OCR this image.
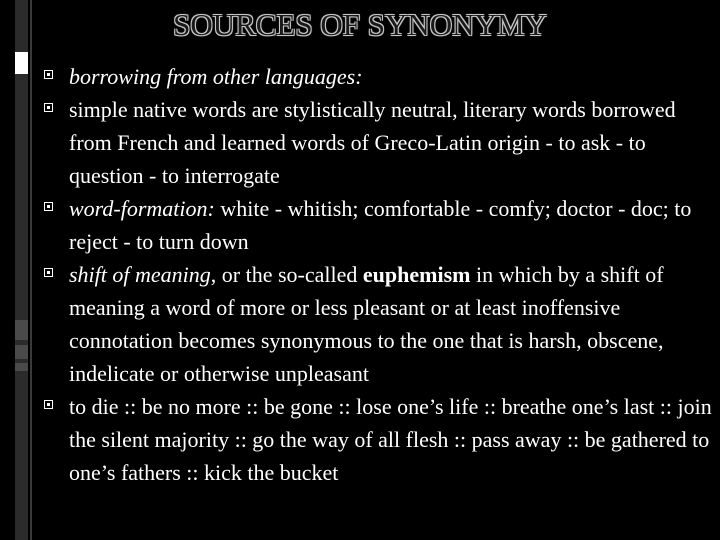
SOURCES OF SYNONYMY
borrowing from other languages:
simple native words are stylistically neutral, literary words borrowed from French and learned words of Greco-Latin origin - to ask - to question - to interrogate
word-formation: white - whitish; comfortable - comfy; doctor - doc; to reject - to turn down
shift of meaning, or the so-called euphemism in which by a shift of meaning a word of more or less pleasant or at least inoffensive connotation becomes synonymous to the one that is harsh, obscene, indelicate or otherwise unpleasant
to die :: be no more :: be gone :: lose one’s life :: breathe one’s last :: join the silent majority :: go the way of all flesh :: pass away :: be gathered to one’s fathers :: kick the bucket
